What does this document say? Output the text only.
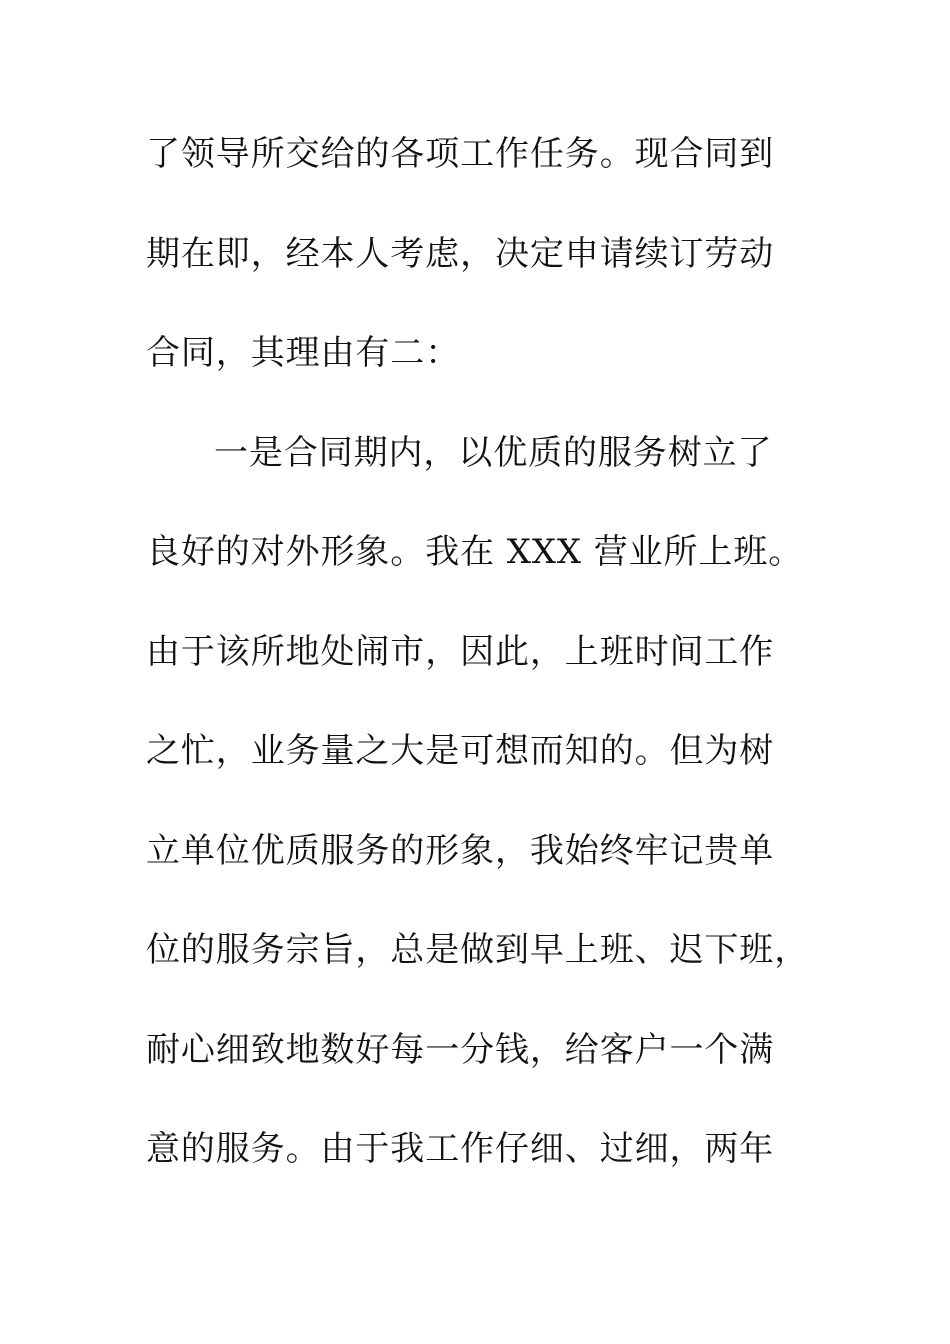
了领导所交给的各项工作任务。现合同到
期在即，经本人考虑，决定申请续订劳动
合同，其理由有二：
一是合同期内，以优质的服务树立了
良好的对外形象。我在 XXX 营业所上班。
由于该所地处闹市，因此，上班时间工作
之忙，业务量之大是可想而知的。但为树
立单位优质服务的形象，我始终牢记贵单
位的服务宗旨，总是做到早上班、迟下班，
耐心细致地数好每一分钱，给客户一个满
意的服务。由于我工作仔细、过细，两年
